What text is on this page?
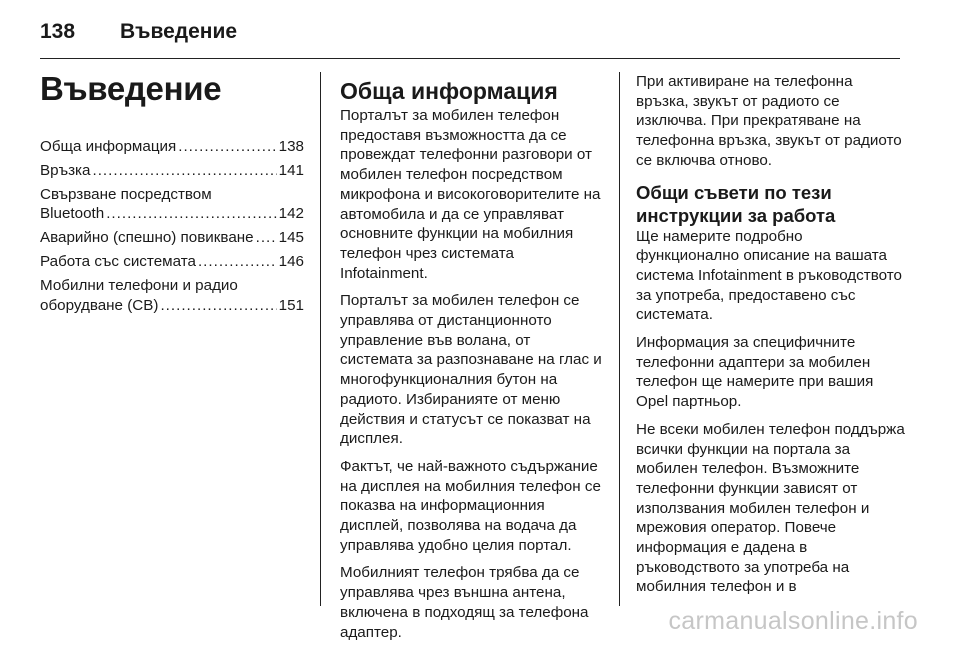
138	Въведение
Въведение
Обща информация .....	138
Връзка .....	141
Свързване посредством
Bluetooth .....	142
Аварийно (спешно) повикване ..... 145
Работа със системата .....	146
Мобилни телефони и радио
оборудване (CB) .....	151
Обща информация

Порталът за мобилен телефон предоставя възможността да се провеждат телефонни разговори от мобилен телефон посредством микрофона и високоговорителите на автомобила и да се управляват основните функции на мобилния телефон чрез системата Infotainment.

Порталът за мобилен телефон се управлява от дистанционното управление във волана, от системата за разпознаване на глас и многофункционалния бутон на радиото. Избиранияте от меню действия и статусът се показват на дисплея.

Фактът, че най-важното съдържание на дисплея на мобилния телефон се показва на информационния дисплей, позволява на водача да управлява удобно целия портал.

Мобилният телефон трябва да се управлява чрез външна антена, включена в подходящ за телефона адаптер.

При активиране на телефонна връзка, звукът от радиото се изключва. При прекратяване на телефонна връзка, звукът от радиото се включва отново.

Общи съвети по тези инструкции за работа

Ще намерите подробно функционално описание на вашата система Infotainment в ръководството за употреба, предоставено със системата.

Информация за специфичните телефонни адаптери за мобилен телефон ще намерите при вашия Opel партньор.

Не всеки мобилен телефон поддържа всички функции на портала за мобилен телефон. Възможните телефонни функции зависят от използвания мобилен телефон и мрежовия оператор. Повече информация е дадена в ръководството за употреба на мобилния телефон и в

carmanualsonline.info
